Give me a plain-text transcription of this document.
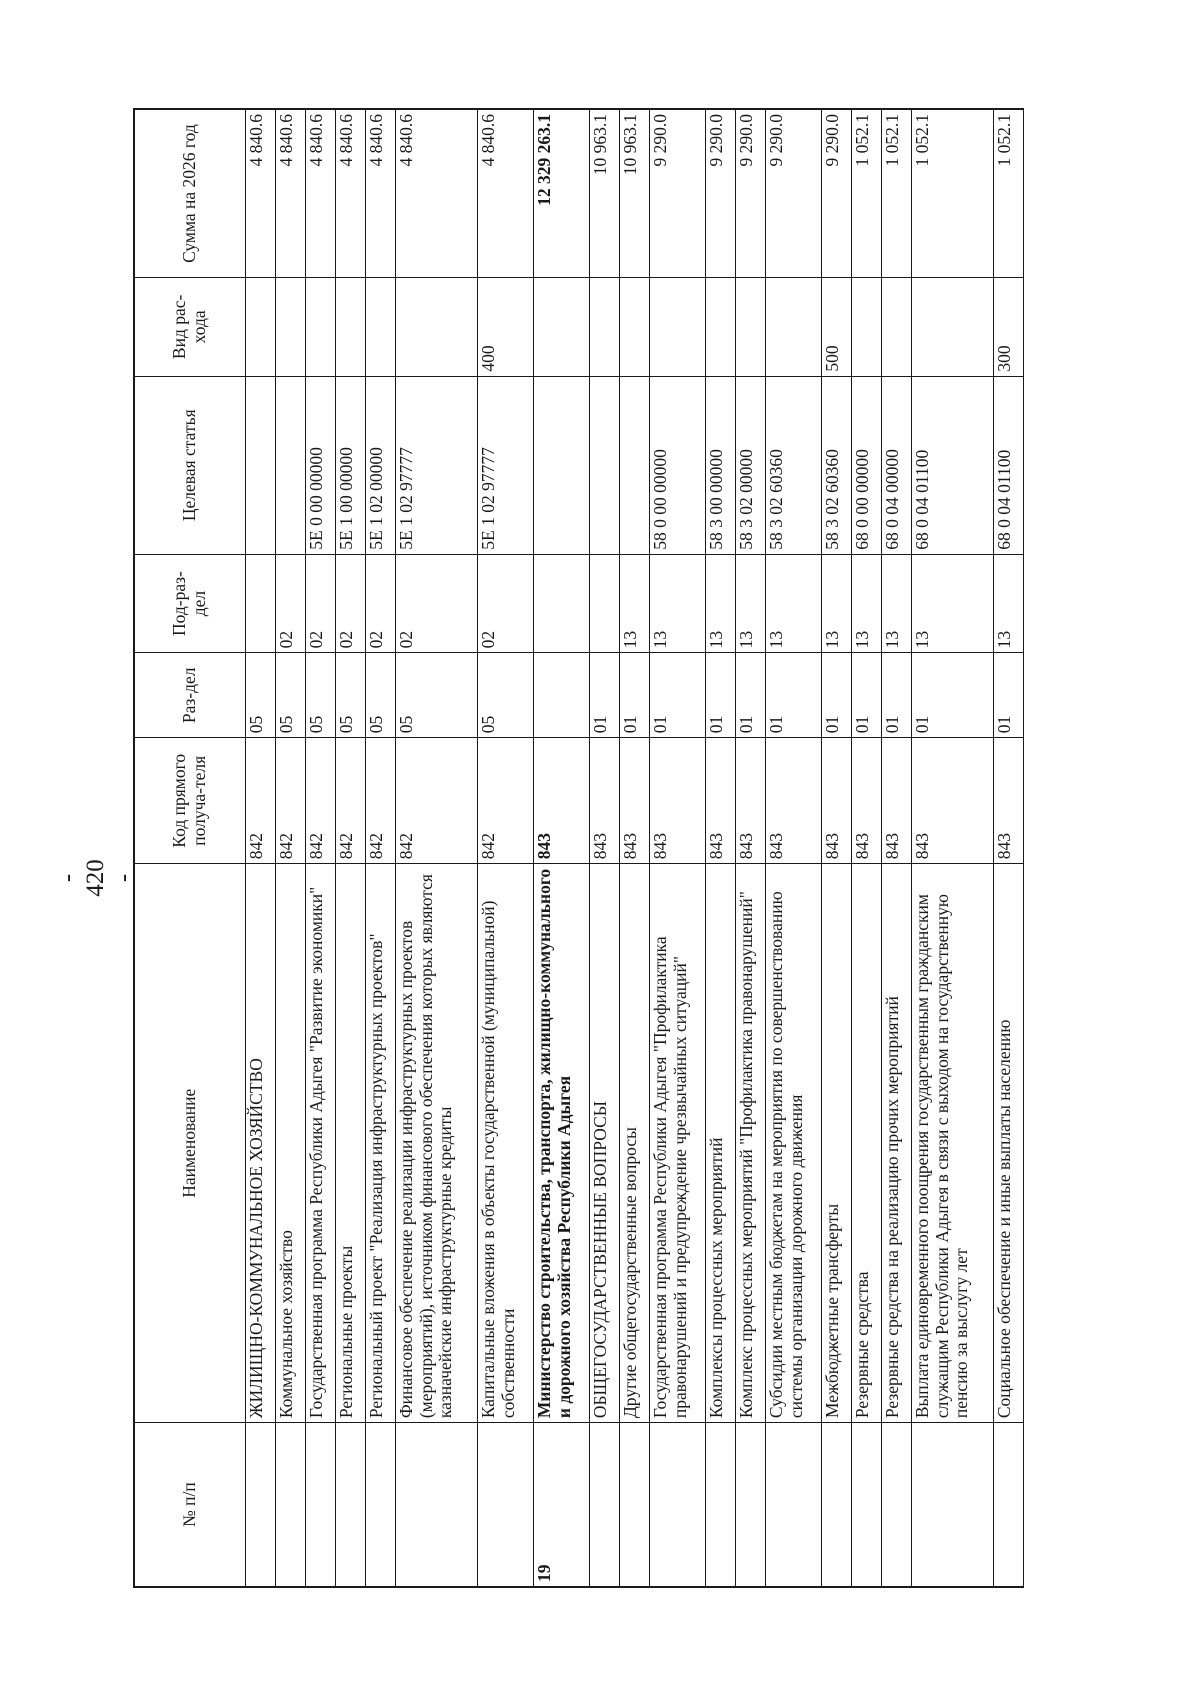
- 420 -
№ п/п	Наименование	Код прямого получа-теля	Раз-дел	Под-раз-дел	Целевая статья	Вид рас-хода	Сумма на 2026 год
	ЖИЛИЩНО-КОММУНАЛЬНОЕ ХОЗЯЙСТВО	842	05				4 840.6
	Коммунальное хозяйство	842	05	02			4 840.6
	Государственная программа Республики Адыгея "Развитие экономики"	842	05	02	5Е 0 00 00000		4 840.6
	Региональные проекты	842	05	02	5Е 1 00 00000		4 840.6
	Региональный проект "Реализация инфраструктурных проектов"	842	05	02	5Е 1 02 00000		4 840.6
	Финансовое обеспечение реализации инфраструктурных проектов (мероприятий), источником финансового обеспечения которых являются казначейские инфраструктурные кредиты	842	05	02	5Е 1 02 97777		4 840.6
	Капитальные вложения в объекты государственной (муниципальной) собственности	842	05	02	5Е 1 02 97777	400	4 840.6
19	Министерство строительства, транспорта, жилищно-коммунального и дорожного хозяйства Республики Адыгея	843					12 329 263.1
	ОБЩЕГОСУДАРСТВЕННЫЕ ВОПРОСЫ	843	01				10 963.1
	Другие общегосударственные вопросы	843	01	13			10 963.1
	Государственная программа Республики Адыгея "Профилактика правонарушений и предупреждение чрезвычайных ситуаций"	843	01	13	58 0 00 00000		9 290.0
	Комплексы процессных мероприятий	843	01	13	58 3 00 00000		9 290.0
	Комплекс процессных мероприятий "Профилактика правонарушений"	843	01	13	58 3 02 00000		9 290.0
	Субсидии местным бюджетам на мероприятия по совершенствованию системы организации дорожного движения	843	01	13	58 3 02 60360		9 290.0
	Межбюджетные трансферты	843	01	13	58 3 02 60360	500	9 290.0
	Резервные средства	843	01	13	68 0 00 00000		1 052.1
	Резервные средства на реализацию прочих мероприятий	843	01	13	68 0 04 00000		1 052.1
	Выплата единовременного поощрения государственным гражданским служащим Республики Адыгея в связи с выходом на государственную пенсию за выслугу лет	843	01	13	68 0 04 01100		1 052.1
	Социальное обеспечение и иные выплаты населению	843	01	13	68 0 04 01100	300	1 052.1
